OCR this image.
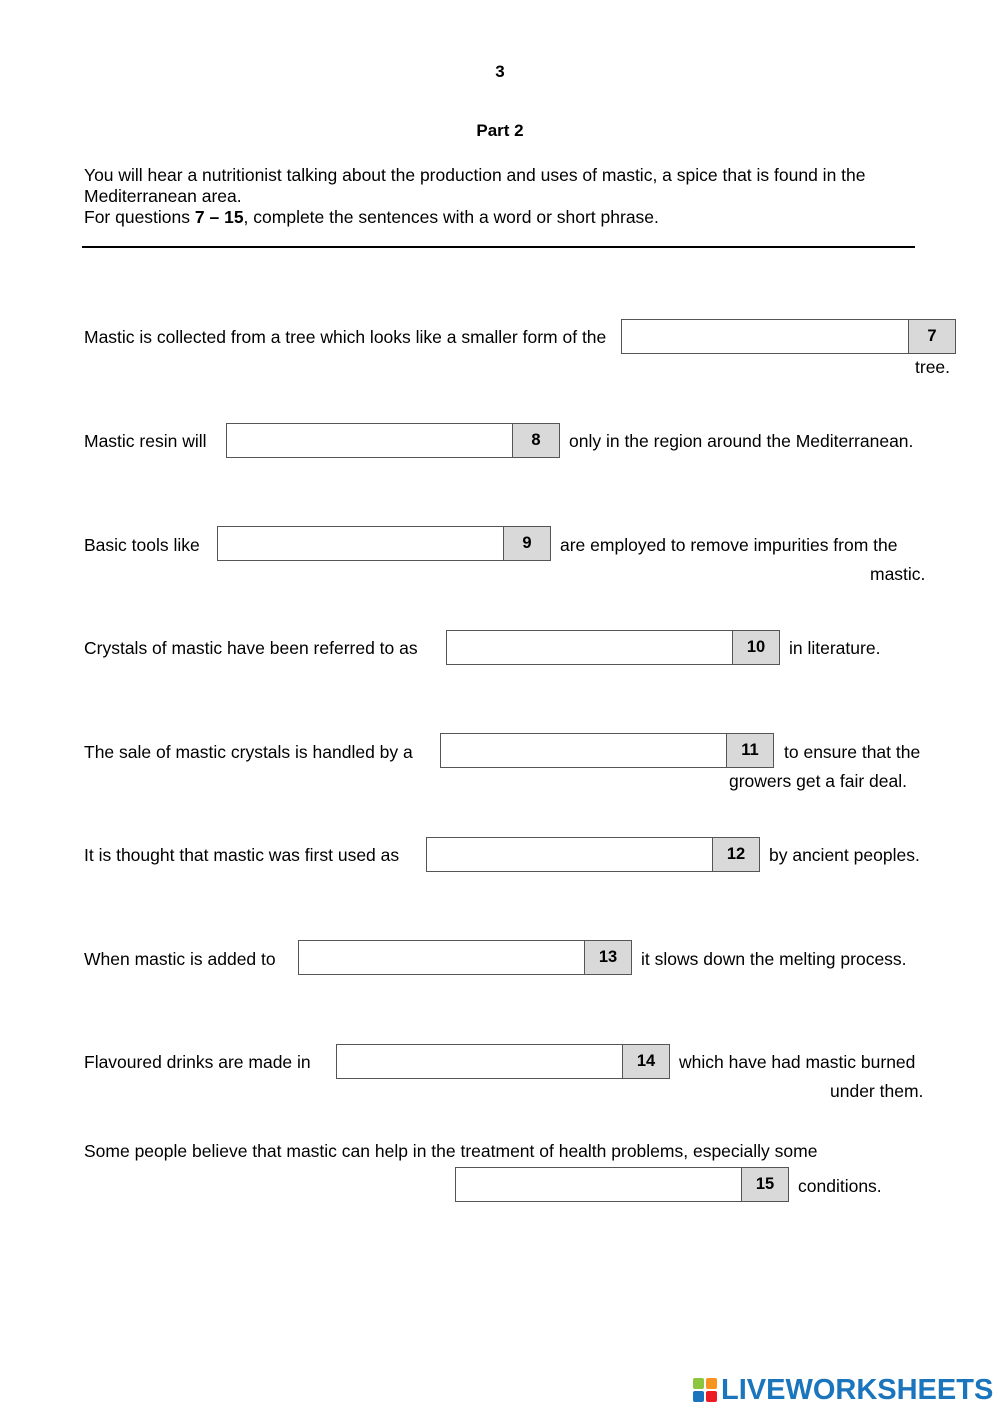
3
Part 2

You will hear a nutritionist talking about the production and uses of mastic, a spice that is found in the Mediterranean area.

For questions 7 – 15, complete the sentences with a word or short phrase.

Mastic is collected from a tree which looks like a smaller form of the	7
tree.
Mastic resin will	8	only in the region around the Mediterranean.
Basic tools like	9	are employed to remove impurities from the
mastic.
Crystals of mastic have been referred to as	10	in literature.
The sale of mastic crystals is handled by a	11	to ensure that the
growers get a fair deal.
It is thought that mastic was first used as	12	by ancient peoples.
When mastic is added to	13	it slows down the melting process.
Flavoured drinks are made in	14	which have had mastic burned
under them.
Some people believe that mastic can help in the treatment of health problems, especially some
15	conditions.
LIVEWORKSHEETS
